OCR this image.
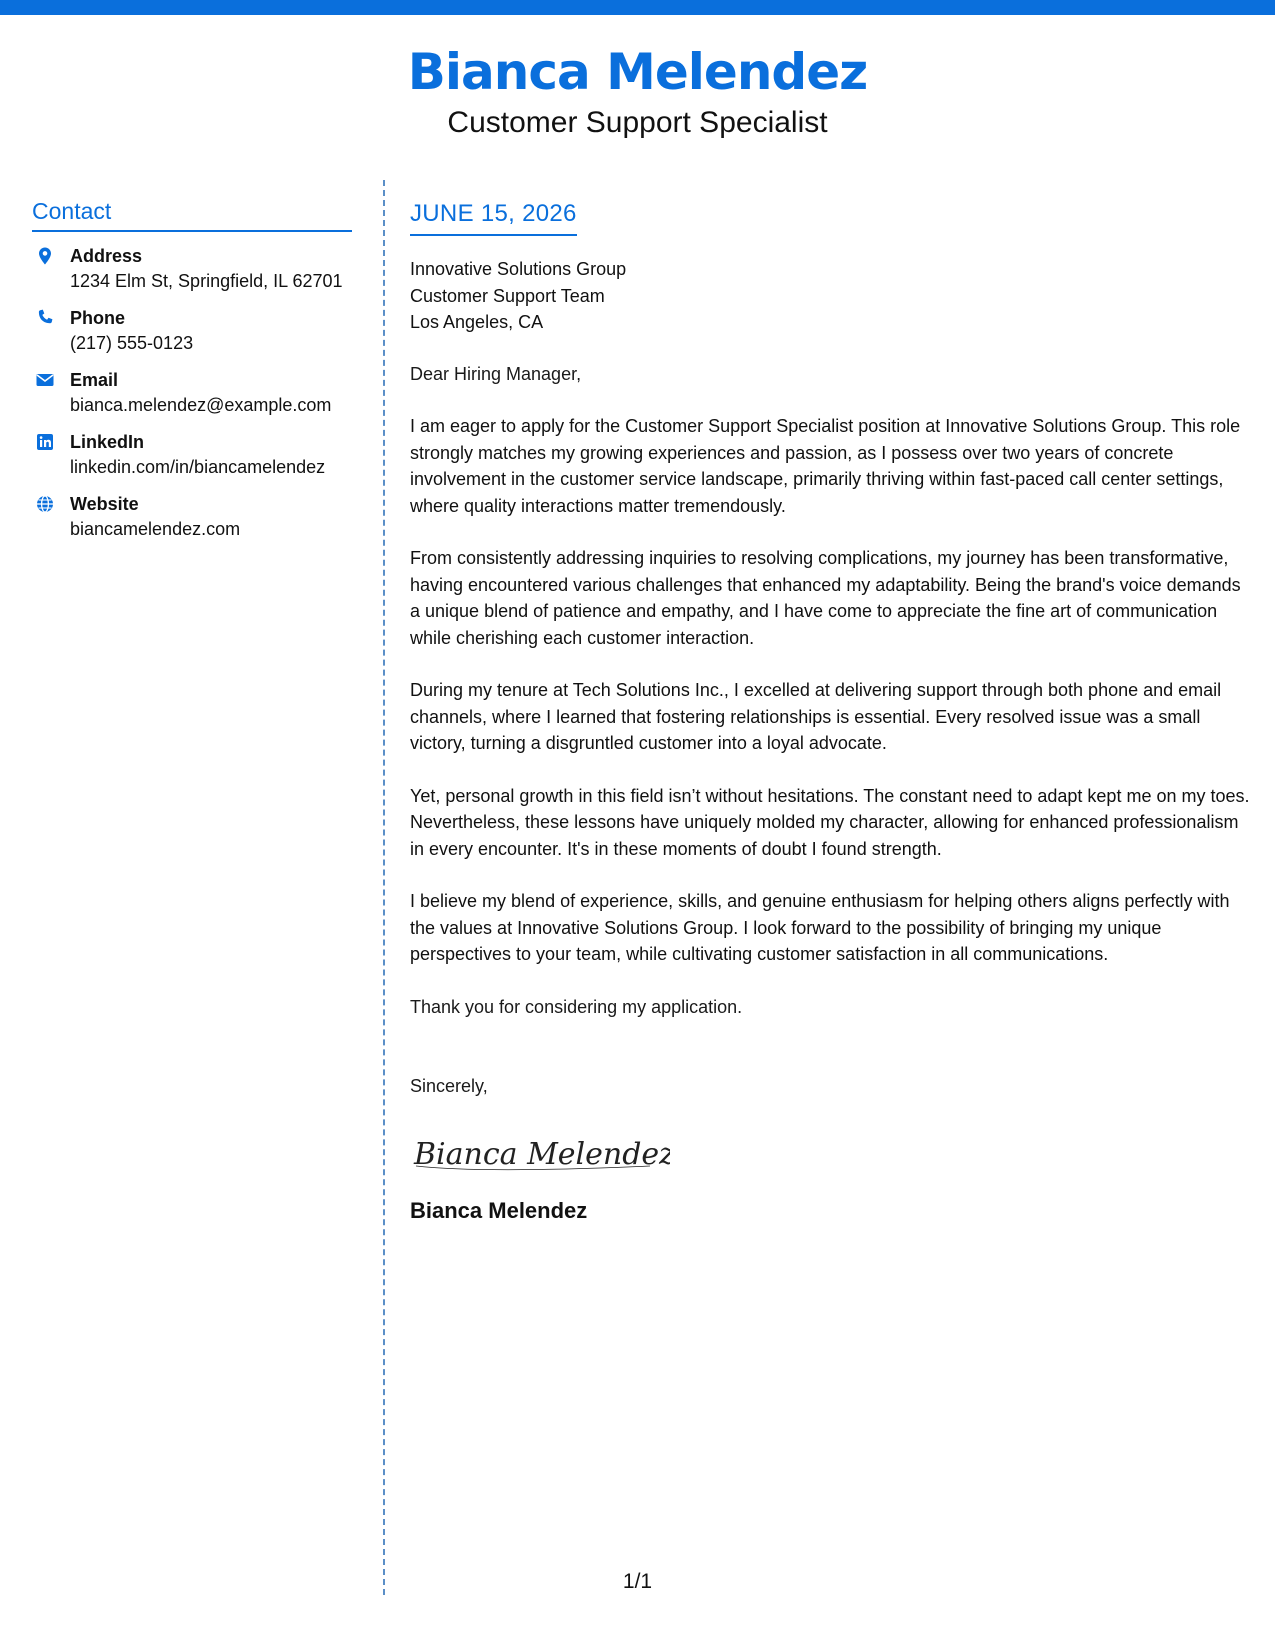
Bianca Melendez
Customer Support Specialist
Contact
Address
1234 Elm St, Springfield, IL 62701
Phone
(217) 555-0123
Email
bianca.melendez@example.com
LinkedIn
linkedin.com/in/biancamelendez
Website
biancamelendez.com
JUNE 15, 2026
Innovative Solutions Group
Customer Support Team
Los Angeles, CA
Dear Hiring Manager,
I am eager to apply for the Customer Support Specialist position at Innovative Solutions Group. This role strongly matches my growing experiences and passion, as I possess over two years of concrete involvement in the customer service landscape, primarily thriving within fast-paced call center settings, where quality interactions matter tremendously.
From consistently addressing inquiries to resolving complications, my journey has been transformative, having encountered various challenges that enhanced my adaptability. Being the brand's voice demands a unique blend of patience and empathy, and I have come to appreciate the fine art of communication while cherishing each customer interaction.
During my tenure at Tech Solutions Inc., I excelled at delivering support through both phone and email channels, where I learned that fostering relationships is essential. Every resolved issue was a small victory, turning a disgruntled customer into a loyal advocate.
Yet, personal growth in this field isn’t without hesitations. The constant need to adapt kept me on my toes. Nevertheless, these lessons have uniquely molded my character, allowing for enhanced professionalism in every encounter. It's in these moments of doubt I found strength.
I believe my blend of experience, skills, and genuine enthusiasm for helping others aligns perfectly with the values at Innovative Solutions Group. I look forward to the possibility of bringing my unique perspectives to your team, while cultivating customer satisfaction in all communications.
Thank you for considering my application.
Sincerely,
Bianca Melendez
Bianca Melendez
1/1
